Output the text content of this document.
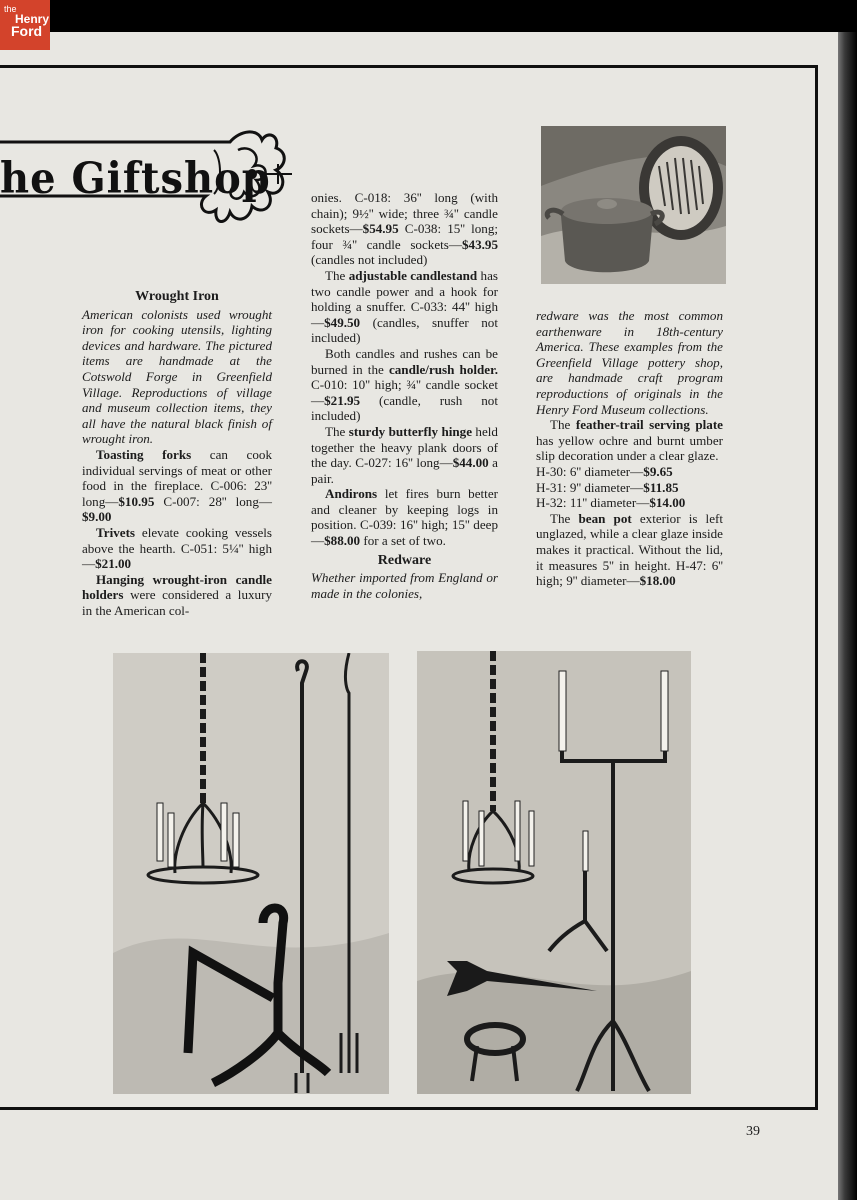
the
Henry
Ford
he Giftshop

Wrought Iron

American colonists used wrought iron for cooking utensils, lighting devices and hardware. The pictured items are handmade at the Cotswold Forge in Greenfield Village. Reproductions of village and museum collection items, they all have the natural black finish of wrought iron.

Toasting forks can cook individual servings of meat or other food in the fireplace. C-006: 23'' long—$10.95 C-007: 28'' long—$9.00

Trivets elevate cooking vessels above the hearth. C-051: 5¼'' high—$21.00

Hanging wrought-iron candle holders were considered a luxury in the American col-

onies. C-018: 36'' long (with chain); 9½'' wide; three ¾'' candle sockets—$54.95 C-038: 15'' long; four ¾'' candle sockets—$43.95 (candles not included)

The adjustable candlestand has two candle power and a hook for holding a snuffer. C-033: 44'' high—$49.50 (candles, snuffer not included)

Both candles and rushes can be burned in the candle/rush holder. C-010: 10'' high; ¾'' candle socket—$21.95 (candle, rush not included)

The sturdy butterfly hinge held together the heavy plank doors of the day. C-027: 16'' long—$44.00 a pair.

Andirons let fires burn better and cleaner by keeping logs in position. C-039: 16'' high; 15'' deep—$88.00 for a set of two.

Redware

Whether imported from England or made in the colonies,

redware was the most common earthenware in 18th-century America. These examples from the Greenfield Village pottery shop, are handmade craft program reproductions of originals in the Henry Ford Museum collections.

The feather-trail serving plate has yellow ochre and burnt umber slip decoration under a clear glaze.

H-30: 6'' diameter—$9.65

H-31: 9'' diameter—$11.85

H-32: 11'' diameter—$14.00

The bean pot exterior is left unglazed, while a clear glaze inside makes it practical. Without the lid, it measures 5'' in height. H-47: 6'' high; 9'' diameter—$18.00

39
